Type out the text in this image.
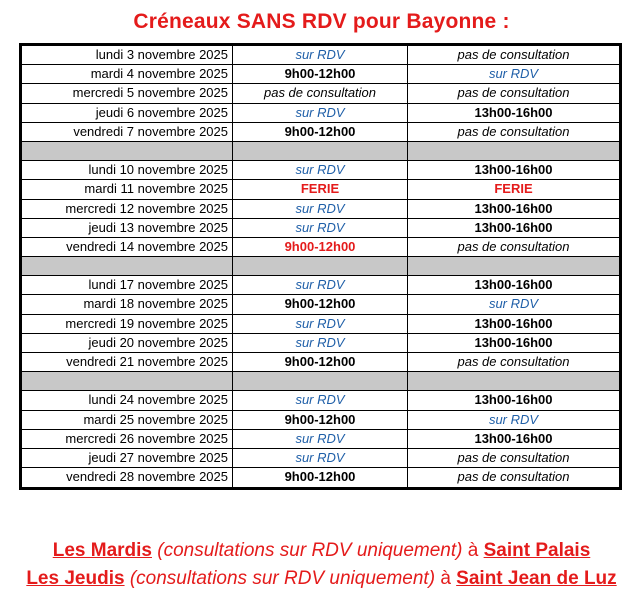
Créneaux SANS RDV pour Bayonne :
lundi 3 novembre 2025	sur RDV	pas de consultation
mardi 4 novembre 2025	9h00-12h00	sur RDV
mercredi 5 novembre 2025	pas de consultation	pas de consultation
jeudi 6 novembre 2025	sur RDV	13h00-16h00
vendredi 7 novembre 2025	9h00-12h00	pas de consultation
lundi 10 novembre 2025	sur RDV	13h00-16h00
mardi 11 novembre 2025	FERIE	FERIE
mercredi 12 novembre 2025	sur RDV	13h00-16h00
jeudi 13 novembre 2025	sur RDV	13h00-16h00
vendredi 14 novembre 2025	9h00-12h00	pas de consultation
lundi 17 novembre 2025	sur RDV	13h00-16h00
mardi 18 novembre 2025	9h00-12h00	sur RDV
mercredi 19 novembre 2025	sur RDV	13h00-16h00
jeudi 20 novembre 2025	sur RDV	13h00-16h00
vendredi 21 novembre 2025	9h00-12h00	pas de consultation
lundi 24 novembre 2025	sur RDV	13h00-16h00
mardi 25 novembre 2025	9h00-12h00	sur RDV
mercredi 26 novembre 2025	sur RDV	13h00-16h00
jeudi 27 novembre 2025	sur RDV	pas de consultation
vendredi 28 novembre 2025	9h00-12h00	pas de consultation
Les Mardis (consultations sur RDV uniquement) à Saint Palais
Les Jeudis (consultations sur RDV uniquement) à Saint Jean de Luz
